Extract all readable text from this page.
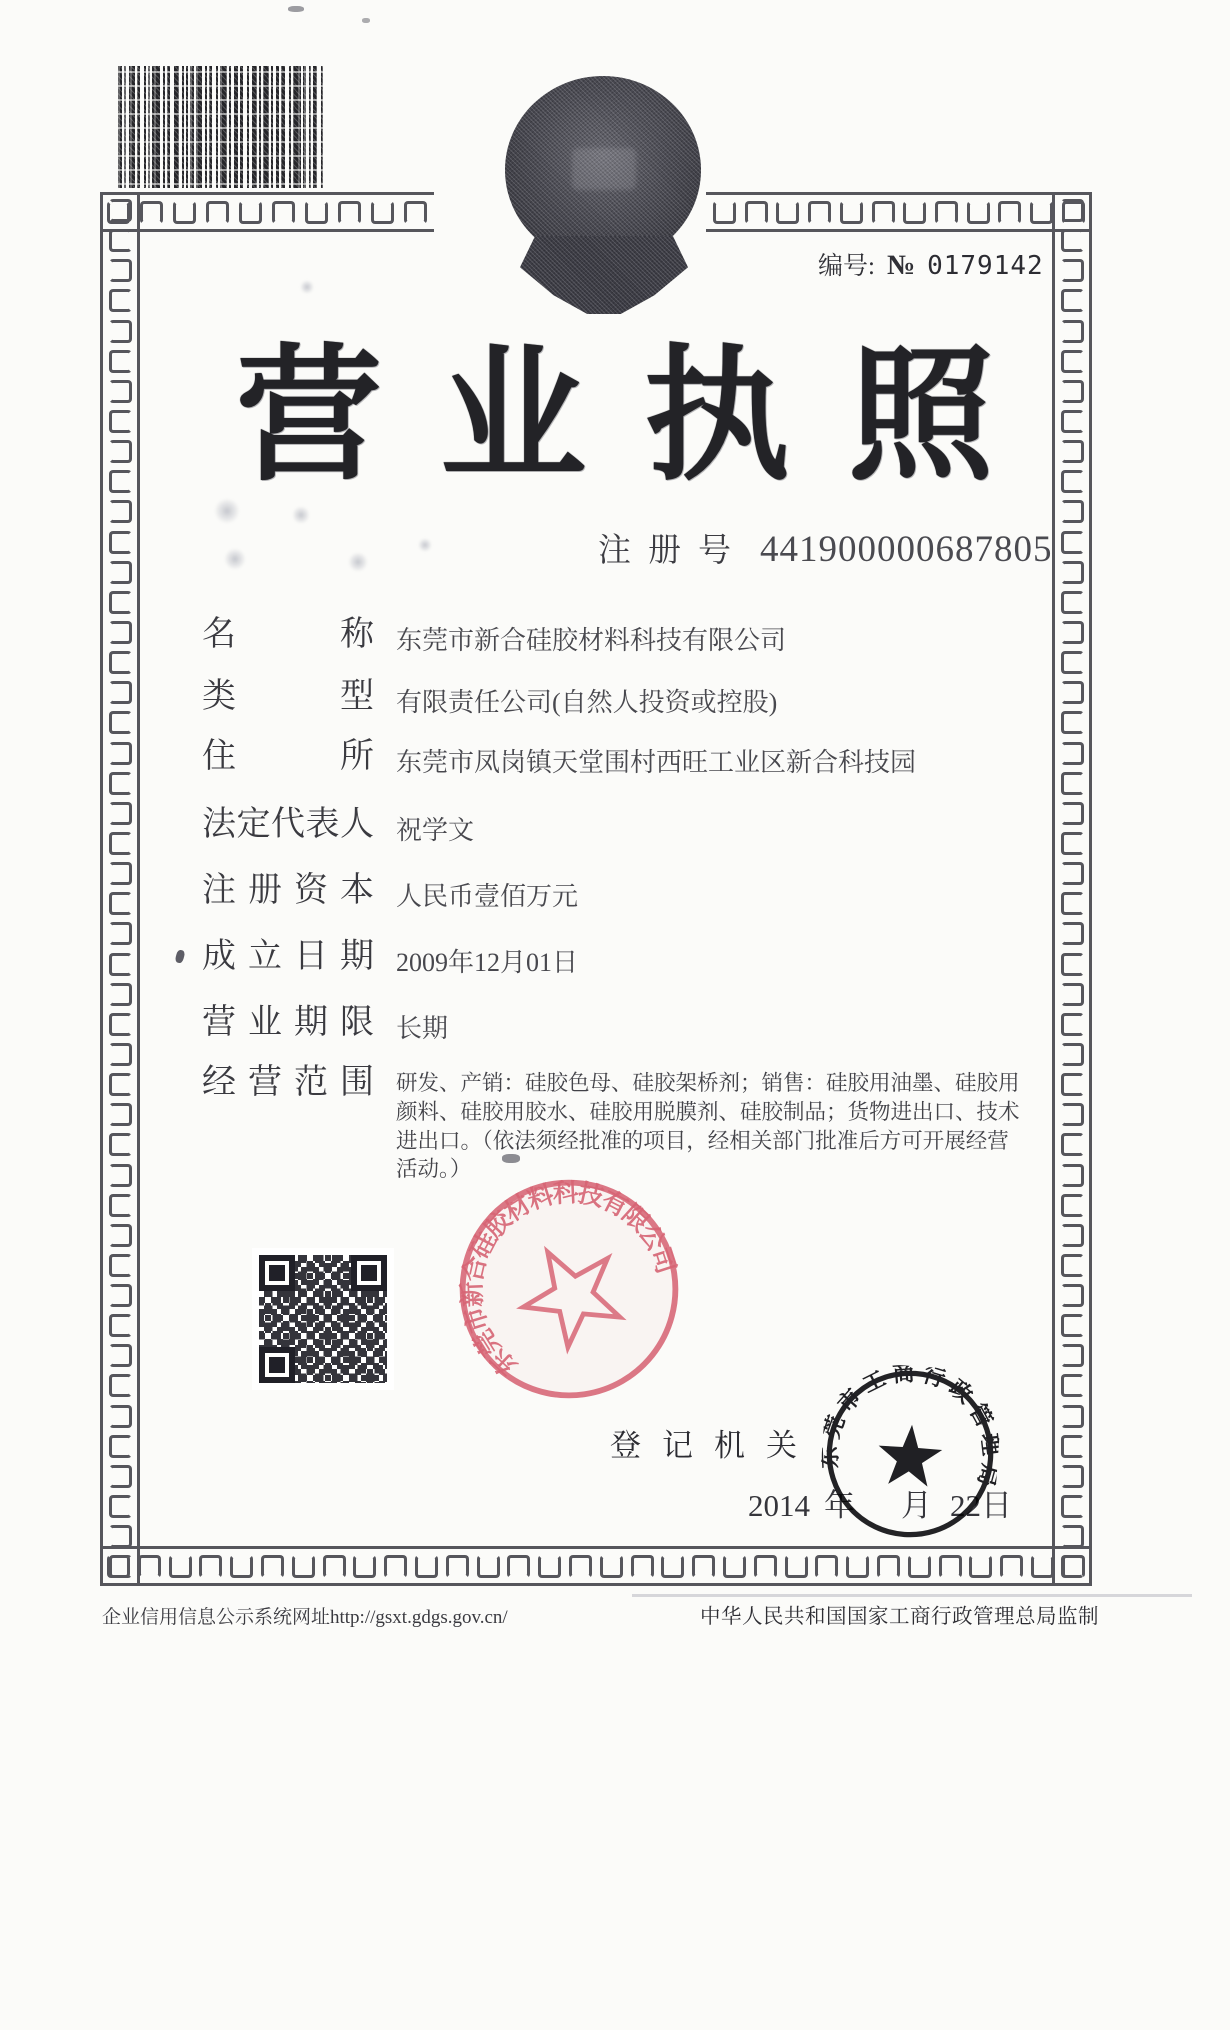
编号: № 0179142
营业执照
注册号 441900000687805
名称 东莞市新合硅胶材料科技有限公司
类型 有限责任公司(自然人投资或控股)
住所 东莞市凤岗镇天堂围村西旺工业区新合科技园
法定代表人 祝学文
注册资本 人民币壹佰万元
成立日期 2009年12月01日
营业期限 长期
经营范围 研发、产销：硅胶色母、硅胶架桥剂；销售：硅胶用油墨、硅胶用颜料、硅胶用胶水、硅胶用脱膜剂、硅胶制品；货物进出口、技术进出口。（依法须经批准的项目，经相关部门批准后方可开展经营活动。）
东莞市新合硅胶材料科技有限公司
登记机关
2014 年 月 22 日
东莞市工商行政管理局
企业信用信息公示系统网址http://gsxt.gdgs.gov.cn/	中华人民共和国国家工商行政管理总局监制
